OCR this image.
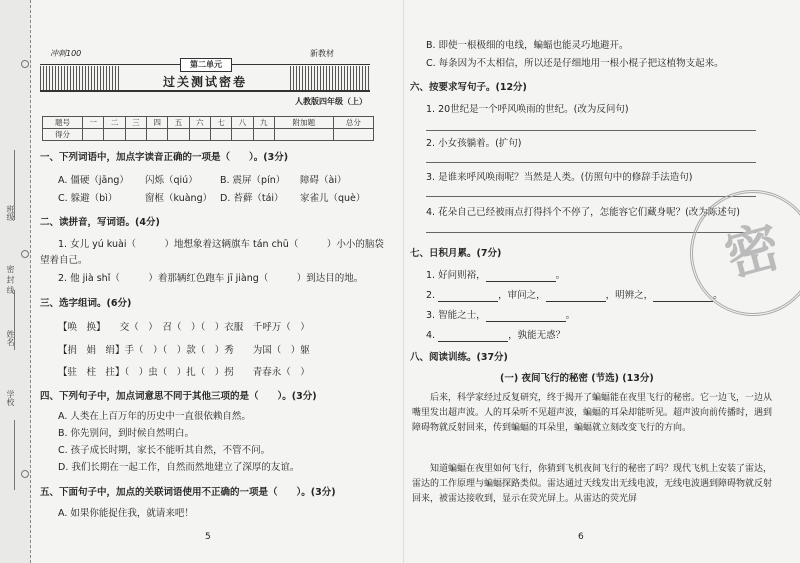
班级
密 封 线
姓名
学校
冲刺100	新教材
第二单元
过关测试密卷
人教版四年级（上）
题号	一	二	三	四	五	六	七	八	九	附加题	总分
得分											
一、下列词语中，加点字读音正确的一项是（　　）。(3分)
A. 僵硬（jāng） 闪烁（qiú） B. 震屏（pín） 障碍（ài）
C. 躲避（bì）	窗框（kuàng） D. 苔藓（tái） 家雀儿（què）
二、读拼音，写词语。(4分)
1. 女儿 yú kuài（　　　）地想象着这辆旗车 tán chū（　　　）小小的脑袋
望着自己。
2. 他 jià shǐ（　　　）着那辆红色跑车 jī jiàng（　　　）到达目的地。
三、选字组词。(6分)
【唤　换】　　交（　）　召（　）（　）衣服　千呼万（　）
【捐　娟　绢】手（　）（　）款（　）秀　　为国（　）躯
【驻　柱　拄】（　）虫（　）扎（　）拐　　青春永（　）
四、下列句子中，加点词意思不同于其他三项的是（　　）。(3分)
A. 人类在上百万年的历史中一直很依赖自然。
B. 你先别问，到时候自然明白。
C. 孩子成长时期，家长不能听其自然，不管不问。
D. 我们长期在一起工作，自然而然地建立了深厚的友谊。
五、下面句子中，加点的关联词语使用不正确的一项是（　　）。(3分)
A. 如果你能捉住我，就请来吧！
5
B. 即使一根极细的电线，蝙蝠也能灵巧地避开。
C. 每条因为不太相信，所以还是仔细地用一根小棍子把这植物支起来。
六、按要求写句子。(12分)
1. 20世纪是一个呼风唤雨的世纪。(改为反问句)
2. 小女孩躺着。(扩句)
3. 是谁来呼风唤雨呢？当然是人类。(仿照句中的修辞手法造句)
4. 花朵自己已经被雨点打得抖个不停了，怎能容它们藏身呢？(改为陈述句)
七、日积月累。(7分)
1. 好问则裕，	。
2.	，审问之，	，明辨之，	。
3. 智能之士，	。
4.	，孰能无惑？
八、阅读训练。(37分)
(一) 夜间飞行的秘密 (节选) (13分)
后来，科学家经过反复研究，终于揭开了蝙蝠能在夜里飞行的秘密。它一边飞，一边从嘴里发出超声波。人的耳朵听不见超声波，蝙蝠的耳朵却能听见。超声波向前传播时，遇到障碍物就反射回来，传到蝙蝠的耳朵里，蝙蝠就立刻改变飞行的方向。
知道蝙蝠在夜里如何飞行，你猜到飞机夜间飞行的秘密了吗？现代飞机上安装了雷达，雷达的工作原理与蝙蝠探路类似。雷达通过天线发出无线电波，无线电波遇到障碍物就反射回来，被雷达接收到，显示在荧光屏上。从雷达的荧光屏
密
6
